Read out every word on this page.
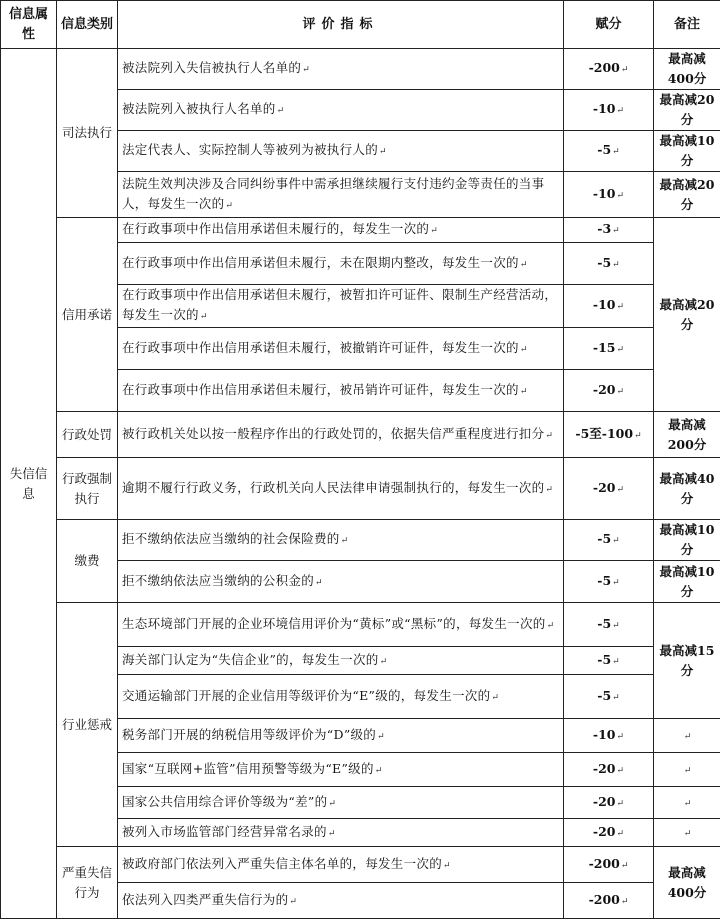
信息属性	信息类别	评价指标	赋分	备注
失信信息	司法执行	被法院列入失信被执行人名单的↵	-200↵	最高减400分
		被法院列入被执行人名单的↵	-10↵	最高减20分
		法定代表人、实际控制人等被列为被执行人的↵	-5↵	最高减10分
		法院生效判决涉及合同纠纷事件中需承担继续履行支付违约金等责任的当事人，每发生一次的↵	-10↵	最高减20分
	信用承诺	在行政事项中作出信用承诺但未履行的，每发生一次的↵	-3↵	最高减20分
		在行政事项中作出信用承诺但未履行，未在限期内整改，每发生一次的↵	-5↵	
		在行政事项中作出信用承诺但未履行，被暂扣许可证件、限制生产经营活动，每发生一次的↵	-10↵	
		在行政事项中作出信用承诺但未履行，被撤销许可证件，每发生一次的↵	-15↵	
		在行政事项中作出信用承诺但未履行，被吊销许可证件，每发生一次的↵	-20↵	
	行政处罚	被行政机关处以按一般程序作出的行政处罚的，依据失信严重程度进行扣分↵	-5至-100↵	最高减200分
	行政强制执行	逾期不履行行政义务，行政机关向人民法律申请强制执行的，每发生一次的↵	-20↵	最高减40分
	缴费	拒不缴纳依法应当缴纳的社会保险费的↵	-5↵	最高减10分
		拒不缴纳依法应当缴纳的公积金的↵	-5↵	最高减10分
	行业惩戒	生态环境部门开展的企业环境信用评价为“黄标”或“黑标”的，每发生一次的↵	-5↵	最高减15分
		海关部门认定为“失信企业”的，每发生一次的↵	-5↵	
		交通运输部门开展的企业信用等级评价为“E”级的，每发生一次的↵	-5↵	
		税务部门开展的纳税信用等级评价为“D”级的↵	-10↵	↵
		国家“互联网+监管”信用预警等级为“E”级的↵	-20↵	↵
		国家公共信用综合评价等级为“差”的↵	-20↵	↵
		被列入市场监管部门经营异常名录的↵	-20↵	↵
	严重失信行为	被政府部门依法列入严重失信主体名单的，每发生一次的↵	-200↵	最高减400分
		依法列入四类严重失信行为的↵	-200↵	
